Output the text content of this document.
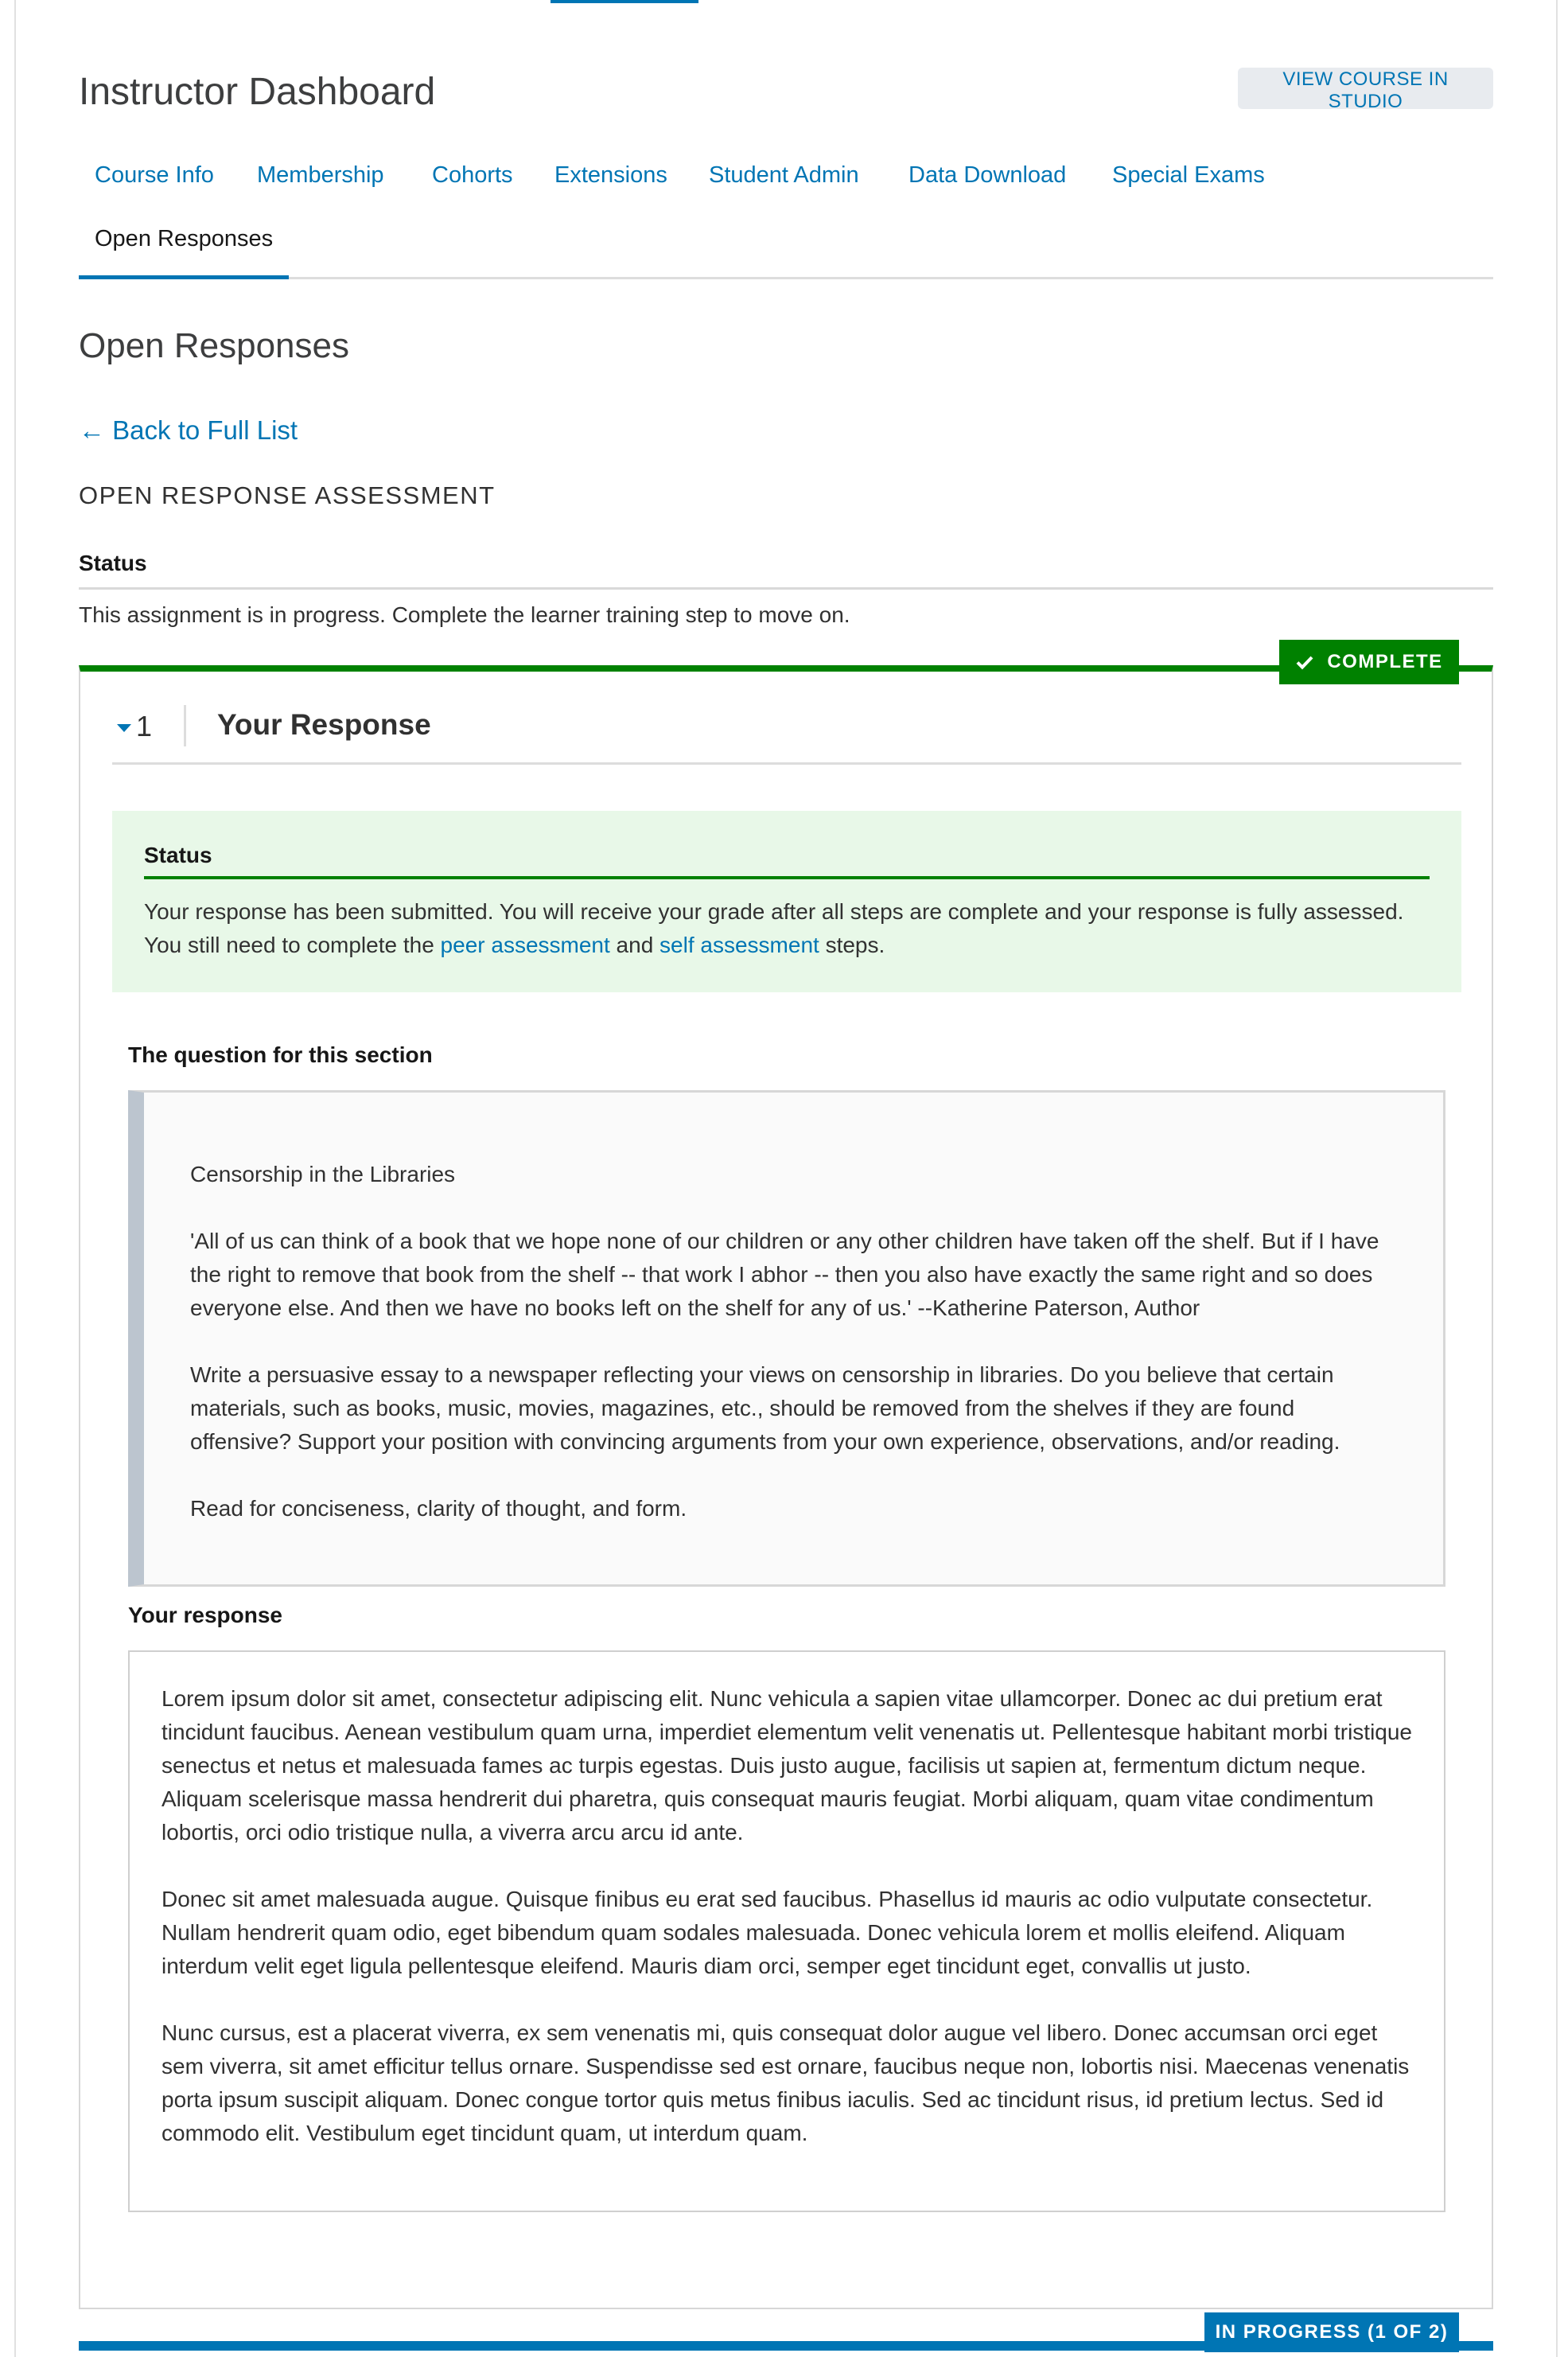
Instructor Dashboard	VIEW COURSE IN STUDIO
Course Info Membership Cohorts Extensions Student Admin Data Download Special Exams
Open Responses
Open Responses
← Back to Full List
OPEN RESPONSE ASSESSMENT
Status
This assignment is in progress. Complete the learner training step to move on.
1 Your Response
Status
Your response has been submitted. You will receive your grade after all steps are complete and your response is fully assessed. You still need to complete the peer assessment and self assessment steps.
The question for this section

Censorship in the Libraries

'All of us can think of a book that we hope none of our children or any other children have taken off the shelf. But if I have the right to remove that book from the shelf -- that work I abhor -- then you also have exactly the same right and so does everyone else. And then we have no books left on the shelf for any of us.' --Katherine Paterson, Author

Write a persuasive essay to a newspaper reflecting your views on censorship in libraries. Do you believe that certain materials, such as books, music, movies, magazines, etc., should be removed from the shelves if they are found offensive? Support your position with convincing arguments from your own experience, observations, and/or reading.

Read for conciseness, clarity of thought, and form.

Your response

Lorem ipsum dolor sit amet, consectetur adipiscing elit. Nunc vehicula a sapien vitae ullamcorper. Donec ac dui pretium erat tincidunt faucibus. Aenean vestibulum quam urna, imperdiet elementum velit venenatis ut. Pellentesque habitant morbi tristique senectus et netus et malesuada fames ac turpis egestas. Duis justo augue, facilisis ut sapien at, fermentum dictum neque. Aliquam scelerisque massa hendrerit dui pharetra, quis consequat mauris feugiat. Morbi aliquam, quam vitae condimentum lobortis, orci odio tristique nulla, a viverra arcu arcu id ante.

Donec sit amet malesuada augue. Quisque finibus eu erat sed faucibus. Phasellus id mauris ac odio vulputate consectetur. Nullam hendrerit quam odio, eget bibendum quam sodales malesuada. Donec vehicula lorem et mollis eleifend. Aliquam interdum velit eget ligula pellentesque eleifend. Mauris diam orci, semper eget tincidunt eget, convallis ut justo.

Nunc cursus, est a placerat viverra, ex sem venenatis mi, quis consequat dolor augue vel libero. Donec accumsan orci eget sem viverra, sit amet efficitur tellus ornare. Suspendisse sed est ornare, faucibus neque non, lobortis nisi. Maecenas venenatis porta ipsum suscipit aliquam. Donec congue tortor quis metus finibus iaculis. Sed ac tincidunt risus, id pretium lectus. Sed id commodo elit. Vestibulum eget tincidunt quam, ut interdum quam.

COMPLETE
IN PROGRESS (1 OF 2)
